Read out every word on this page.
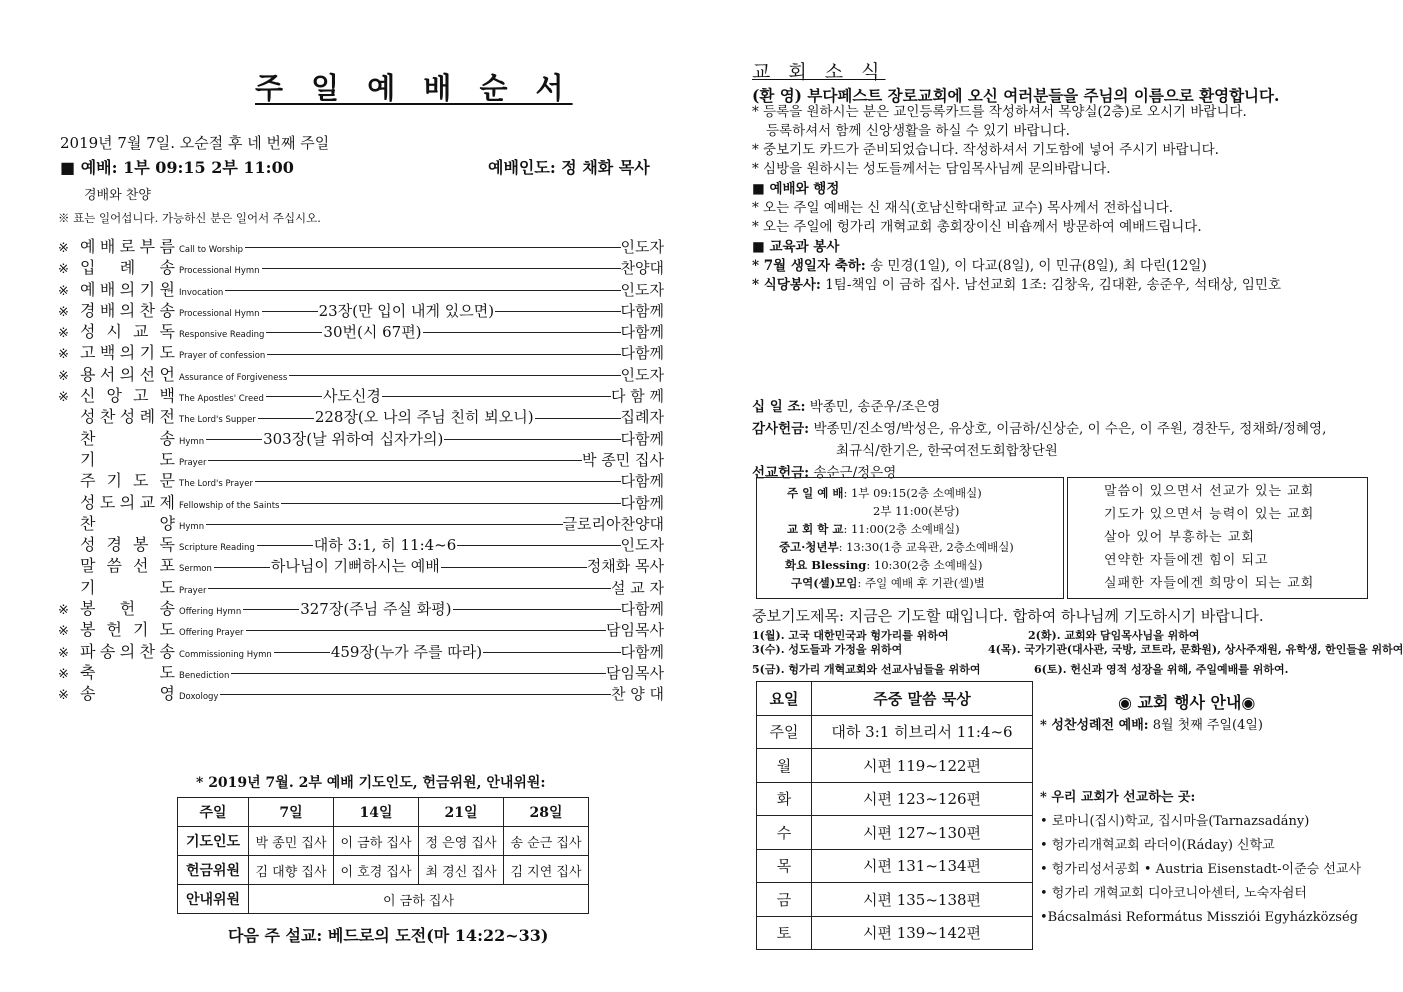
주 일 예 배 순 서
2019년 7월 7일. 오순절 후 네 번째 주일
■ 예배: 1부 09:15 2부 11:00	예배인도: 정 채화 목사
경배와 찬양
※ 표는 일어섭니다. 가능하신 분은 일어서 주십시오.
※ 예 배 로 부 름 Call to Worship	인도자
※ 입 례 송 Processional Hymn	찬양대
※ 예 배 의 기 원 Invocation	인도자
※ 경 배 의 찬 송 Processional Hymn	23장(만 입이 내게 있으면)	다함께
※ 성 시 교 독 Responsive Reading	30번(시 67편)	다함께
※ 고 백 의 기 도 Prayer of confession	다함께
※ 용 서 의 선 언 Assurance of Forgiveness	인도자
※ 신 앙 고 백 The Apostles' Creed	사도신경	다 함 께
성 찬 성 례 전 The Lord's Supper	228장(오 나의 주님 친히 뵈오니)	집례자
찬	송 Hymn	303장(날 위하여 십자가의)	다함께
기	도 Prayer	박 종민 집사
주 기 도 문 The Lord's Prayer	다함께
성 도 의 교 제 Fellowship of the Saints	다함께
찬	양 Hymn	글로리아찬양대
성 경 봉 독 Scripture Reading	대하 3:1, 히 11:4~6	인도자
말 씀 선 포 Sermon	하나님이 기뻐하시는 예배	정채화 목사
기	도 Prayer	설 교 자
※ 봉 헌 송 Offering Hymn	327장(주님 주실 화평)	다함께
※ 봉 헌 기 도 Offering Prayer	담임목사
※ 파 송 의 찬 송 Commissioning Hymn	459장(누가 주를 따라)	다함께
※ 축	도 Benediction	담임목사
※ 송	영 Doxology	찬 양 대
* 2019년 7월. 2부 예배 기도인도, 헌금위원, 안내위원:
주일	7일	14일	21일	28일
기도인도	박 종민 집사	이 금하 집사	정 은영 집사	송 순근 집사
헌금위원	김 대향 집사	이 호경 집사	최 경신 집사	김 지연 집사
안내위원	이 금하 집사			
다음 주 설교: 베드로의 도전(마 14:22~33)
교 회 소 식
(환 영) 부다페스트 장로교회에 오신 여러분들을 주님의 이름으로 환영합니다.
* 등록을 원하시는 분은 교인등록카드를 작성하셔서 목양실(2층)로 오시기 바랍니다.
등록하셔서 함께 신앙생활을 하실 수 있기 바랍니다.
* 중보기도 카드가 준비되었습니다. 작성하셔서 기도함에 넣어 주시기 바랍니다.
* 심방을 원하시는 성도들께서는 담임목사님께 문의바랍니다.
■ 예배와 행정
* 오는 주일 예배는 신 재식(호남신학대학교 교수) 목사께서 전하십니다.
* 오는 주일에 헝가리 개혁교회 총회장이신 비숍께서 방문하여 예배드립니다.
■ 교육과 봉사
* 7월 생일자 축하: 송 민경(1일), 이 다교(8일), 이 민규(8일), 최 다린(12일)
* 식당봉사: 1팀-책임 이 금하 집사. 남선교회 1조: 김창욱, 김대환, 송준우, 석태상, 임민호
십 일 조: 박종민, 송준우/조은영
감사헌금: 박종민/진소영/박성은, 유상호, 이금하/신상순, 이 수은, 이 주원, 경찬두, 정채화/정혜영,
최규식/한기은, 한국여전도회합창단원
선교헌금: 송순근/정은영
주 일 예 배: 1부 09:15(2층 소예배실)
2부 11:00(본당)
교 회 학 교: 11:00(2층 소예배실)
중고·청년부: 13:30(1층 교육관, 2층소예배실)
화요 Blessing: 10:30(2층 소예배실)
구역(셀)모임: 주일 예배 후 기관(셀)별
말씀이 있으면서 선교가 있는 교회
기도가 있으면서 능력이 있는 교회
살아 있어 부흥하는 교회
연약한 자들에겐 힘이 되고
실패한 자들에겐 희망이 되는 교회
중보기도제목: 지금은 기도할 때입니다. 합하여 하나님께 기도하시기 바랍니다.
1(월). 고국 대한민국과 헝가리를 위하여	2(화). 교회와 담임목사님을 위하여
3(수). 성도들과 가정을 위하여	4(목). 국가기관(대사관, 국방, 코트라, 문화원), 상사주재원, 유학생, 한인들을 위하여
5(금). 헝가리 개혁교회와 선교사님들을 위하여	6(토). 헌신과 영적 성장을 위해, 주일예배를 위하여.
요일	주중 말씀 묵상
주일	대하 3:1 히브리서 11:4~6
월	시편 119~122편
화	시편 123~126편
수	시편 127~130편
목	시편 131~134편
금	시편 135~138편
토	시편 139~142편
◉ 교회 행사 안내◉
* 성찬성례전 예배: 8월 첫째 주일(4일)
* 우리 교회가 선교하는 곳:
• 로마니(집시)학교, 집시마을(Tarnazsadány)
• 헝가리개혁교회 라더이(Ráday) 신학교
• 헝가리성서공회 • Austria Eisenstadt-이준승 선교사
• 헝가리 개혁교회 디아코니아센터, 노숙자쉼터
•Bácsalmási Református Missziói Egyházközség
